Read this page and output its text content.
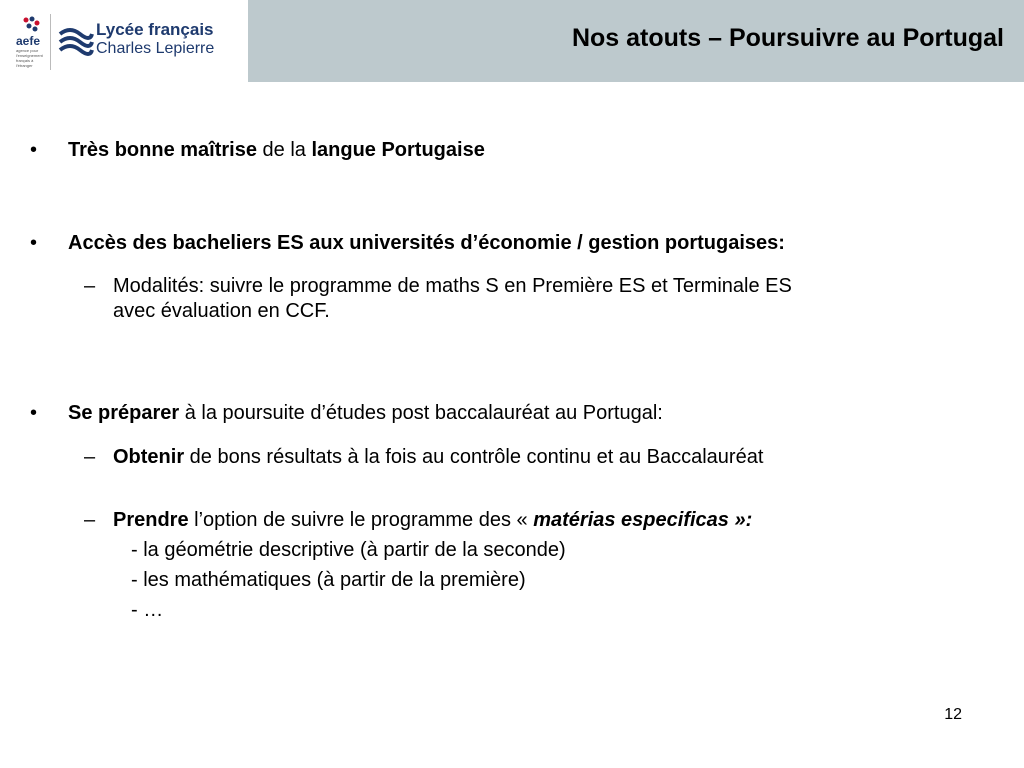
aefe
agence pour l'enseignement français à l'étranger
Lycée français
Charles Lepierre	Nos atouts – Poursuivre au Portugal
• Très bonne maîtrise de la langue Portugaise
• Accès des bacheliers ES aux universités d’économie / gestion portugaises:
– Modalités: suivre le programme de maths S en Première ES et Terminale ES
avec évaluation en CCF.
• Se préparer à la poursuite d’études post baccalauréat au Portugal:
– Obtenir de bons résultats à la fois au contrôle continu et au Baccalauréat
– Prendre l’option de suivre le programme des « matérias especificas »:
- la géométrie descriptive (à partir de la seconde)
- les mathématiques (à partir de la première)
- …
12
